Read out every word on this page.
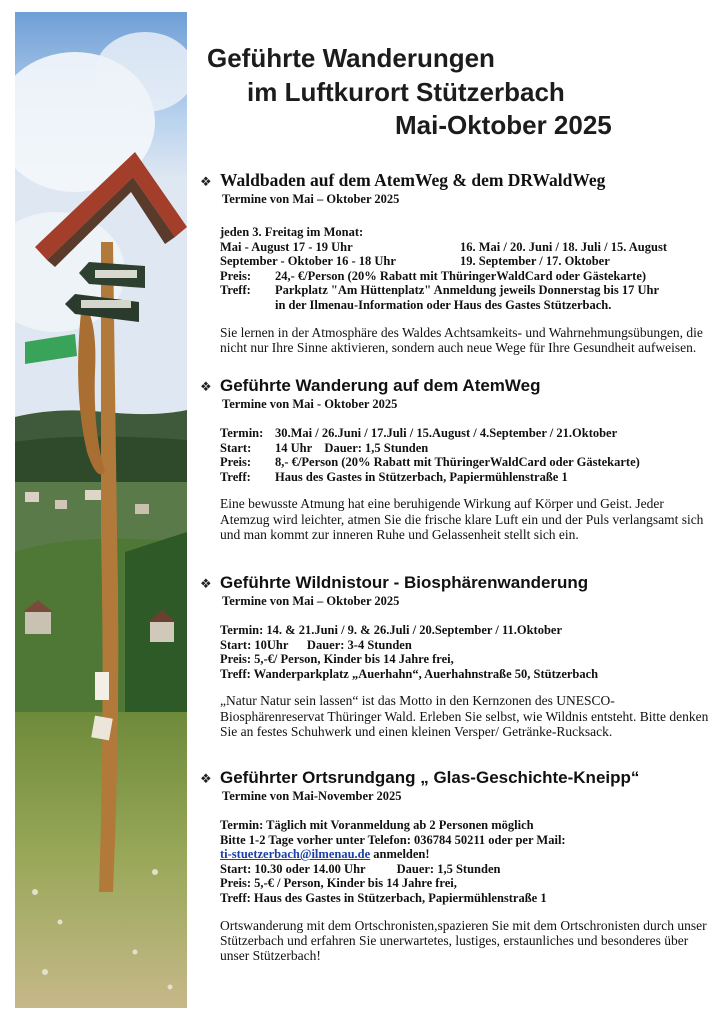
Geführte Wanderungen
im Luftkurort Stützerbach
Mai-Oktober 2025
❖ Waldbaden auf dem AtemWeg & dem DRWaldWeg
Termine von Mai – Oktober 2025
jeden 3. Freitag im Monat:
Mai - August 17 - 19 Uhr	16. Mai / 20. Juni / 18. Juli / 15. August
September - Oktober 16 - 18 Uhr	19. September / 17. Oktober
Preis:	24,- €/Person (20% Rabatt mit ThüringerWaldCard oder Gästekarte)
Treff:	Parkplatz "Am Hüttenplatz" Anmeldung jeweils Donnerstag bis 17 Uhr
in der Ilmenau-Information oder Haus des Gastes Stützerbach.
Sie lernen in der Atmosphäre des Waldes Achtsamkeits- und Wahrnehmungsübungen, die nicht nur Ihre Sinne aktivieren, sondern auch neue Wege für Ihre Gesundheit aufweisen.
❖ Geführte Wanderung auf dem AtemWeg
Termine von Mai - Oktober 2025
Termin: 30.Mai / 26.Juni / 17.Juli / 15.August / 4.September / 21.Oktober
Start:	14 Uhr    Dauer: 1,5 Stunden
Preis:	8,- €/Person (20% Rabatt mit ThüringerWaldCard oder Gästekarte)
Treff:	Haus des Gastes in Stützerbach, Papiermühlenstraße 1
Eine bewusste Atmung hat eine beruhigende Wirkung auf Körper und Geist. Jeder Atemzug wird leichter, atmen Sie die frische klare Luft ein und der Puls verlangsamt sich und man kommt zur inneren Ruhe und Gelassenheit stellt sich ein.
❖ Geführte Wildnistour - Biosphärenwanderung
Termine von Mai – Oktober 2025
Termin: 14. & 21.Juni / 9. & 26.Juli / 20.September / 11.Oktober
Start: 10Uhr      Dauer: 3-4 Stunden
Preis: 5,-€/ Person, Kinder bis 14 Jahre frei,
Treff: Wanderparkplatz „Auerhahn“, Auerhahnstraße 50, Stützerbach
„Natur Natur sein lassen“ ist das Motto in den Kernzonen des UNESCO-Biosphärenreservat Thüringer Wald. Erleben Sie selbst, wie Wildnis entsteht. Bitte denken Sie an festes Schuhwerk und einen kleinen Versper/ Getränke-Rucksack.
❖ Geführter Ortsrundgang „ Glas-Geschichte-Kneipp“
Termine von Mai-November 2025
Termin: Täglich mit Voranmeldung ab 2 Personen möglich
Bitte 1-2 Tage vorher unter Telefon: 036784 50211 oder per Mail:
ti-stuetzerbach@ilmenau.de anmelden!
Start: 10.30 oder 14.00 Uhr          Dauer: 1,5 Stunden
Preis: 5,-€ / Person, Kinder bis 14 Jahre frei,
Treff: Haus des Gastes in Stützerbach, Papiermühlenstraße 1
Ortswanderung mit dem Ortschronisten,spazieren Sie mit dem Ortschronisten durch unser Stützerbach und erfahren Sie unerwartetes, lustiges, erstaunliches und besonderes über unser Stützerbach!
